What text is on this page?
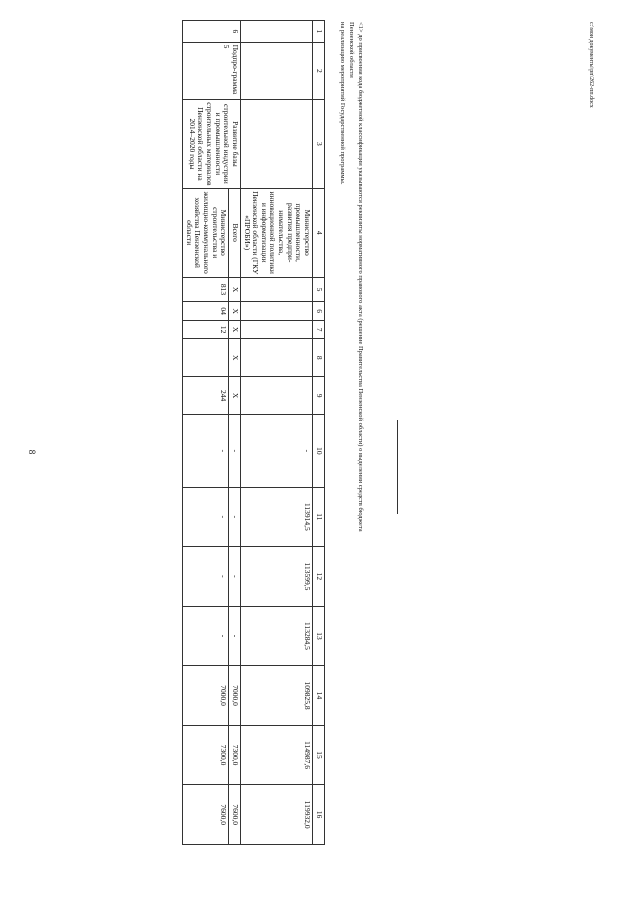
8
1	2	3	4	5	6	7	8	9	10	11	12	13	14	15	16
			Министерство промышленности, развития предпри-нимательства, инновационной политики и информатизации Пензенской области (ГКУ «ПРОБИ»)						-	113914,5	113599,5	113284,5	109825,8	114987,6	119932,0
6	Подпро-грамма 5	Развитие базы строительной индустрии и промышленности строительных материалов Пензенской области на 2014–2020 годы	Всего	Х	Х	Х	Х	Х	-	-	-	-	7000,0	7300,0	7600,0
			Министерство строительства и жилищно-коммунального хозяйства Пензенской области	813	04	12		244	-	-	-	-	7000,0	7300,0	7600,0

<1> до присвоения кода бюджетной классификации указываются реквизиты нормативного правового акта (решение Правительства Пензенской области) о выделении средств бюджета Пензенской области

на реализацию мероприятий Государственной программы.	c:\мои документы\рп\262-пп.docx
